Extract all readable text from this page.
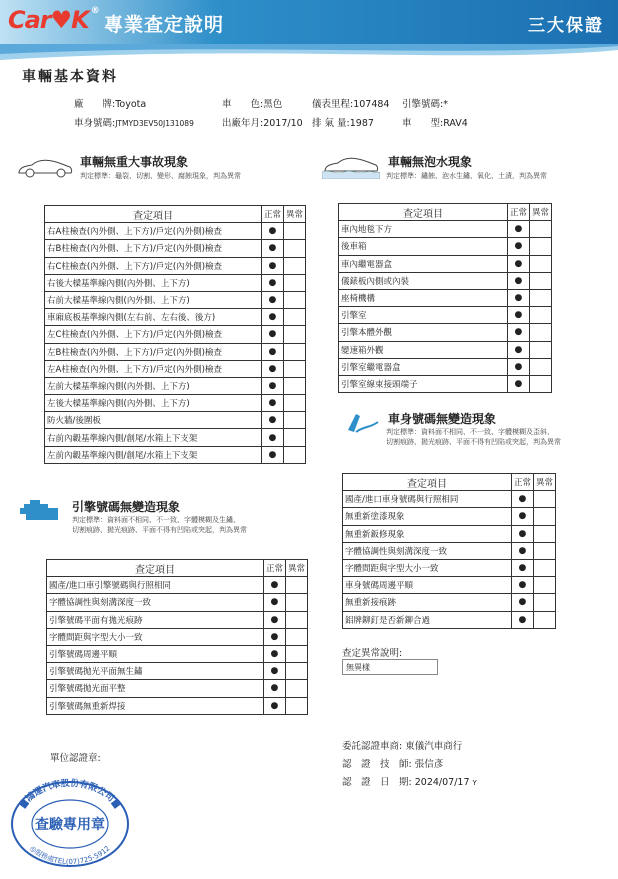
Car♥K ®
專業查定說明	三大保證
車輛基本資料
廠　　牌:Toyota	車　　色:黑色	儀表里程:107484 引擎號碼:*
車身號碼:JTMYD3EV50J131089	出廠年月:2017/10 排 氣 量:1987	車　　型:RAV4
車輛無重大事故現象
判定標準：龜裂、切割、變形、腐蝕現象，判為異常
查定項目	正常	異常
右A柱檢查(內外側、上下方)/戶定(內外側)檢查	●	
右B柱檢查(內外側、上下方)/戶定(內外側)檢查	●	
右C柱檢查(內外側、上下方)/戶定(內外側)檢查	●	
右後大樑基準線內側(內外側、上下方)	●	
右前大樑基準線內側(內外側、上下方)	●	
車廂底板基準線內側(左右前、左右後、後方)	●	
左C柱檢查(內外側、上下方)/戶定(內外側)檢查	●	
左B柱檢查(內外側、上下方)/戶定(內外側)檢查	●	
左A柱檢查(內外側、上下方)/戶定(內外側)檢查	●	
左前大樑基準線內側(內外側、上下方)	●	
左後大樑基準線內側(內外側、上下方)	●	
防火牆/後圍板	●	
右前內轂基準線內側/創尾/水箱上下支架	●	
左前內轂基準線內側/創尾/水箱上下支架	●	
車輛無泡水現象
判定標準：鏽蝕、泡水生鏽、氧化、土漬，判為異常
查定項目	正常	異常
車內地毯下方	●	
後車箱	●	
車內繼電器盒	●	
儀錶板內側或內裝	●	
座椅機構	●	
引擎室	●	
引擎本體外觀	●	
變速箱外觀	●	
引擎室繼電器盒	●	
引擎室線束接頭端子	●	
車身號碼無變造現象
判定標準：資料面不相同、不一致、字體模糊及歪斜、
切割痕跡、拋光痕跡、平面不得有凹陷或突起，判為異常
查定項目	正常	異常
國產/進口車身號碼與行照相同	●	
無重新塗漆現象	●	
無重新鈑修現象	●	
字體協調性與刻溝深度一致	●	
字體間距與字型大小一致	●	
車身號碼周邊平順	●	
無重新接痕跡	●	
鋁牌鉚釘是否新鉚合過	●	
引擎號碼無變造現象
判定標準：資料面不相同、不一致、字體模糊及生鏽、
切割痕跡、拋光痕跡、平面不得有凹陷或突起，判為異常
查定項目	正常	異常
國產/進口車引擎號碼與行照相同	●	
字體協調性與刻溝深度一致	●	
引擎號碼平面有拋光痕跡	●	
字體間距與字型大小一致	●	
引擎號碼周邊平順	●	
引擎號碼拋光平面無生鏽	●	
引擎號碼拋光面平整	●	
引擎號碼無重新焊接	●	
查定異常說明:
無異樣
單位認證章:
委託認證車商: 東儀汽車商行
認　證　技　師: 張信彥
認　證　日　期: 2024/07/17 Y
■鴻運汽車股份有限公司■
◎服務處TEL(07)725-5912
查驗專用章
